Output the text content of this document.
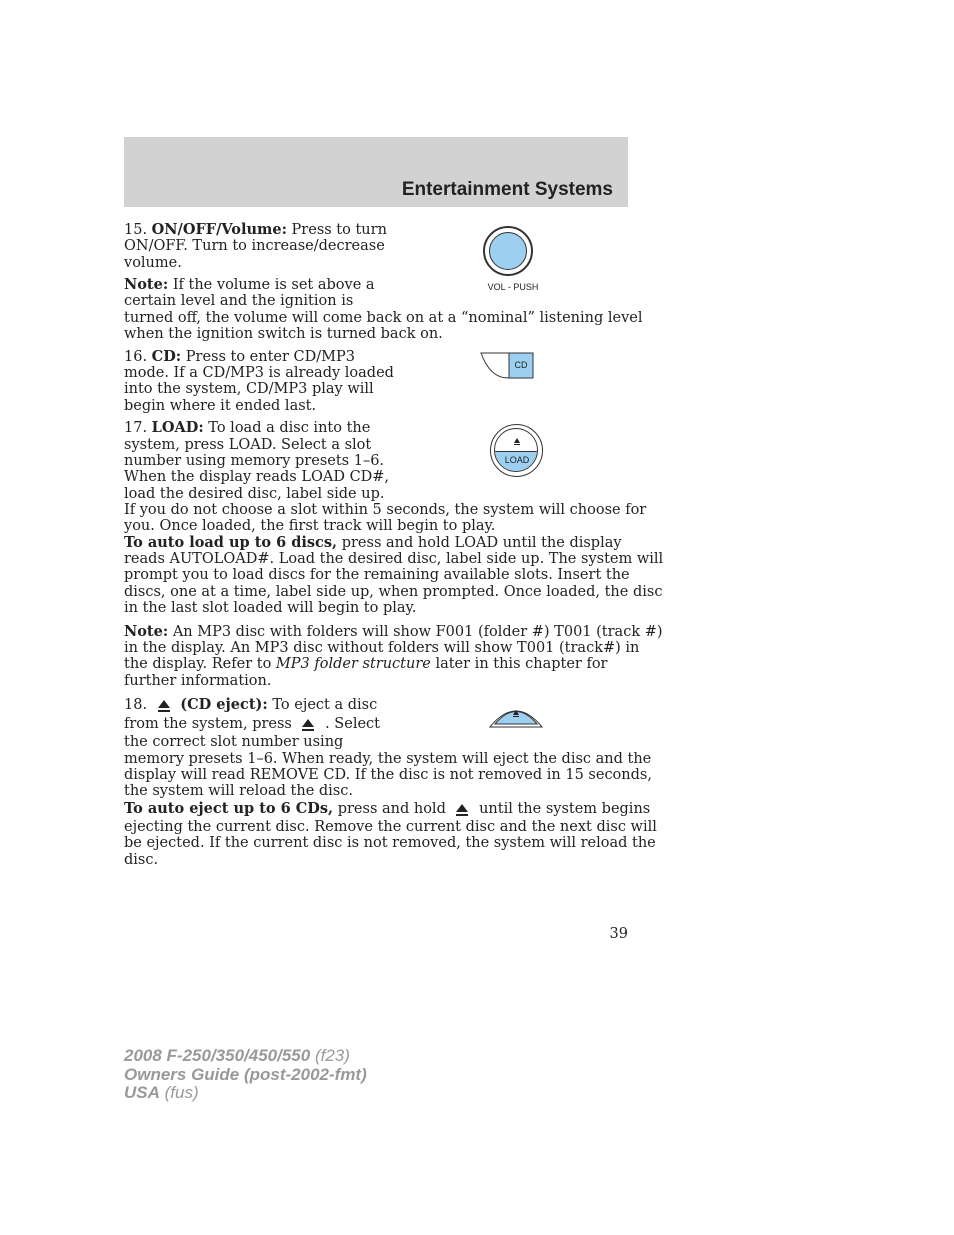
Entertainment Systems

15. ON/OFF/Volume: Press to turn

ON/OFF. Turn to increase/decrease

volume.

Note: If the volume is set above a

certain level and the ignition is

turned off, the volume will come back on at a “nominal” listening level

when the ignition switch is turned back on.

VOL - PUSH

16. CD: Press to enter CD/MP3

mode. If a CD/MP3 is already loaded

into the system, CD/MP3 play will

begin where it ended last.

CD

17. LOAD: To load a disc into the

system, press LOAD. Select a slot

number using memory presets 1–6.

When the display reads LOAD CD#,

load the desired disc, label side up.

If you do not choose a slot within 5 seconds, the system will choose for

you. Once loaded, the first track will begin to play.

To auto load up to 6 discs, press and hold LOAD until the display

reads AUTOLOAD#. Load the desired disc, label side up. The system will

prompt you to load discs for the remaining available slots. Insert the

discs, one at a time, label side up, when prompted. Once loaded, the disc

in the last slot loaded will begin to play.

Note: An MP3 disc with folders will show F001 (folder #) T001 (track #)

in the display. An MP3 disc without folders will show T001 (track#) in

the display. Refer to MP3 folder structure later in this chapter for

further information.

LOAD

18. (CD eject): To eject a disc

from the system, press . Select

the correct slot number using

memory presets 1–6. When ready, the system will eject the disc and the

display will read REMOVE CD. If the disc is not removed in 15 seconds,

the system will reload the disc.

To auto eject up to 6 CDs, press and hold until the system begins

ejecting the current disc. Remove the current disc and the next disc will

be ejected. If the current disc is not removed, the system will reload the

disc.

39
2008 F-250/350/450/550 (f23)
Owners Guide (post-2002-fmt)
USA (fus)
